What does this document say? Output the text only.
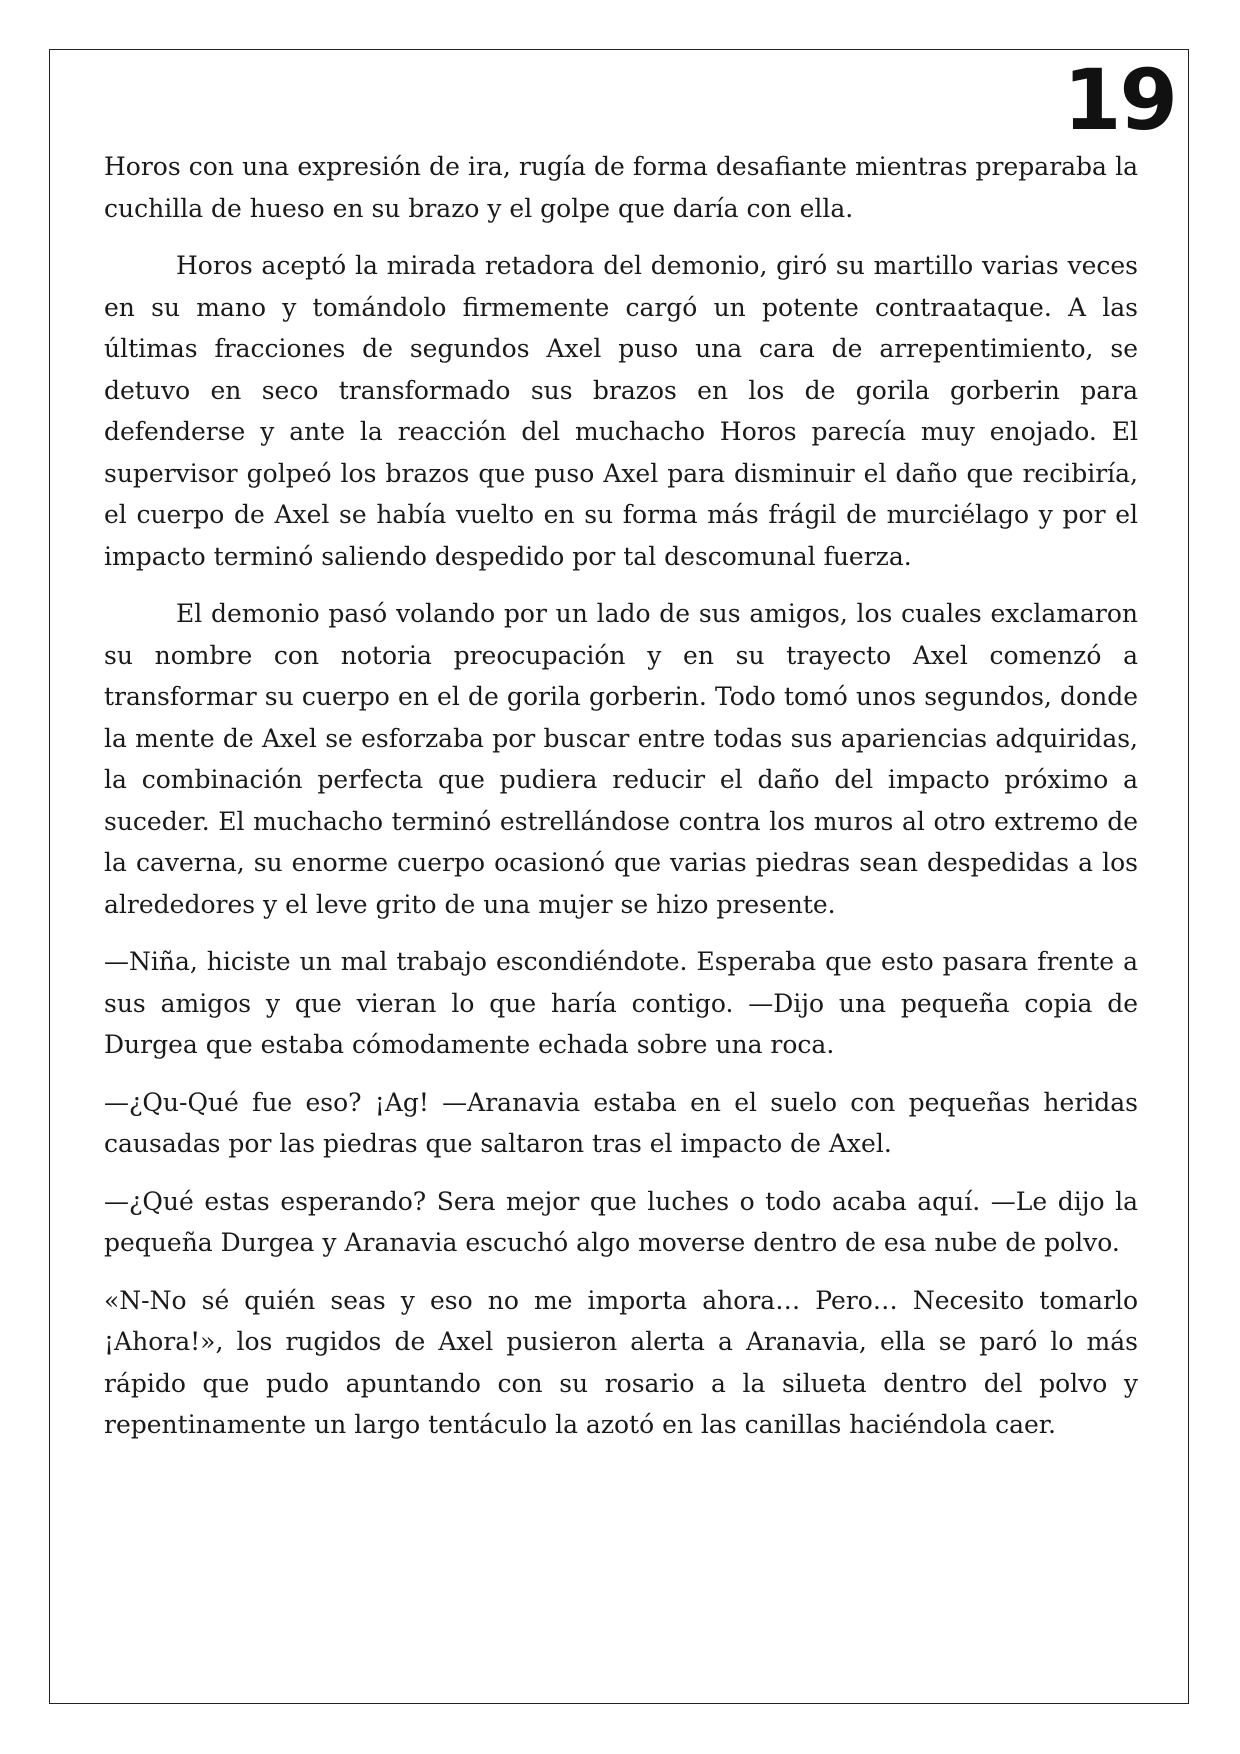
19

Horos con una expresión de ira, rugía de forma desafiante mientras preparaba la cuchilla de hueso en su brazo y el golpe que daría con ella.

Horos aceptó la mirada retadora del demonio, giró su martillo varias veces en su mano y tomándolo firmemente cargó un potente contraataque. A las últimas fracciones de segundos Axel puso una cara de arrepentimiento, se detuvo en seco transformado sus brazos en los de gorila gorberin para defenderse y ante la reacción del muchacho Horos parecía muy enojado. El supervisor golpeó los brazos que puso Axel para disminuir el daño que recibiría, el cuerpo de Axel se había vuelto en su forma más frágil de murciélago y por el impacto terminó saliendo despedido por tal descomunal fuerza.

El demonio pasó volando por un lado de sus amigos, los cuales exclamaron su nombre con notoria preocupación y en su trayecto Axel comenzó a transformar su cuerpo en el de gorila gorberin. Todo tomó unos segundos, donde la mente de Axel se esforzaba por buscar entre todas sus apariencias adquiridas, la combinación perfecta que pudiera reducir el daño del impacto próximo a suceder. El muchacho terminó estrellándose contra los muros al otro extremo de la caverna, su enorme cuerpo ocasionó que varias piedras sean despedidas a los alrededores y el leve grito de una mujer se hizo presente.

—Niña, hiciste un mal trabajo escondiéndote. Esperaba que esto pasara frente a sus amigos y que vieran lo que haría contigo. —Dijo una pequeña copia de Durgea que estaba cómodamente echada sobre una roca.

—¿Qu-Qué fue eso? ¡Ag! —Aranavia estaba en el suelo con pequeñas heridas causadas por las piedras que saltaron tras el impacto de Axel.

—¿Qué estas esperando? Sera mejor que luches o todo acaba aquí. —Le dijo la pequeña Durgea y Aranavia escuchó algo moverse dentro de esa nube de polvo.

«N-No sé quién seas y eso no me importa ahora… Pero… Necesito tomarlo ¡Ahora!», los rugidos de Axel pusieron alerta a Aranavia, ella se paró lo más rápido que pudo apuntando con su rosario a la silueta dentro del polvo y repentinamente un largo tentáculo la azotó en las canillas haciéndola caer.
